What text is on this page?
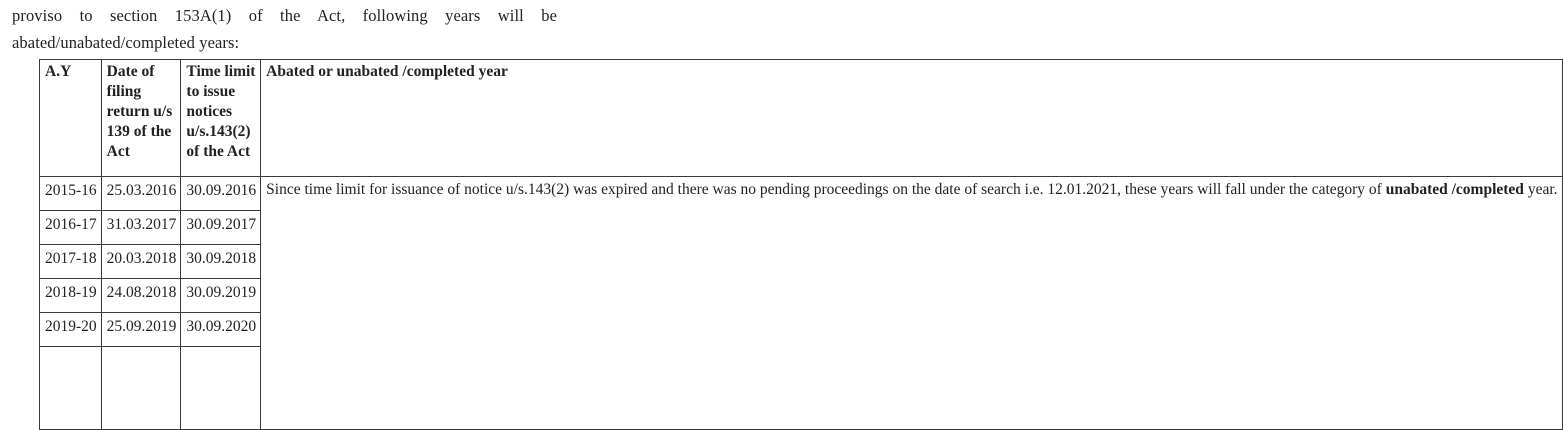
proviso to section 153A(1) of the Act, following years will be
abated/unabated/completed years:
A.Y	Date of filing return u/s 139 of the Act	Time limit to issue notices u/s.143(2) of the Act	Abated or unabated /completed year
2015-16	25.03.2016	30.09.2016	Since time limit for issuance of notice u/s.143(2) was expired and there was no pending proceedings on the date of search i.e. 12.01.2021, these years will fall under the category of unabated /completed year.
2016-17	31.03.2017	30.09.2017	
2017-18	20.03.2018	30.09.2018	
2018-19	24.08.2018	30.09.2019	
2019-20	25.09.2019	30.09.2020	
